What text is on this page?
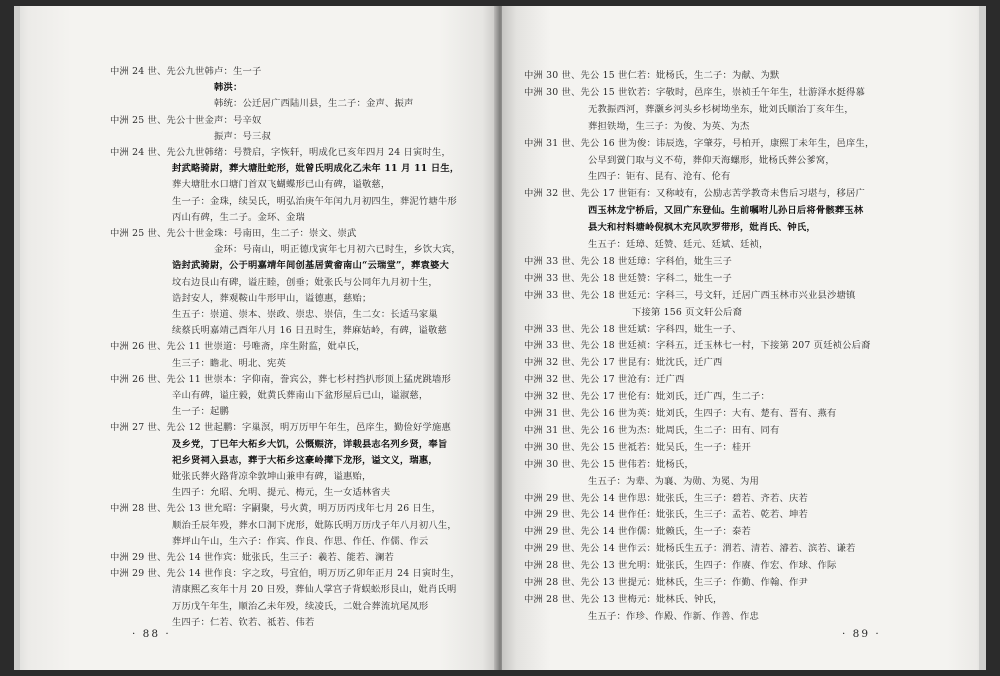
中洲 24 世、先公九世韩卢：生一子
韩洪：
韩统：公迁居广西陆川县，生二子：金声、振声
中洲 25 世、先公十世金声：号辛奴
振声：号三叔
中洲 24 世、先公九世韩绪：号赞启，字恢轩，明成化已亥年四月 24 日寅时生，
封武略骑尉，葬大塘肚蛇形，妣曾氏明成化乙未年 11 月 11 日生，
葬大塘肚水口塘门首双飞蝴蝶形已山有碑，谥敬慈，
生一子：金珠，续吴氏，明弘治庚午年闰九月初四生，葬泥竹塘牛形
丙山有碑，生二子。金环、金瑞
中洲 25 世、先公十世金珠：号南田，生二子：崇文、崇武
金环：号南山，明正德戊寅年七月初六已时生，乡饮大宾，
诰封武骑尉，公于明嘉靖年间创基居黄畲南山“云瑞堂”，葬袁婆大
坟右边艮山有碑，谥庄睦，创垂；妣张氏与公同年九月初十生，
诰封安人，葬观鞍山牛形甲山，谥德惠，慈贻；
生五子：崇道、崇本、崇政、崇忠、崇信，生二女：长适马家巢
续蔡氏明嘉靖己酉年八月 16 日丑时生，葬麻姑岭，有碑，谥敬慈
中洲 26 世、先公 11 世崇道：号唯斋，庠生附监，妣卓氏，
生三子：瞻北、明北、宪英
中洲 26 世、先公 11 世崇本：字仰南，誊宾公，葬七杉村挡扒形顶上猛虎跳墙形
辛山有碑，谥庄毅，妣黄氏葬南山下盆形屋后已山，谥淑慈，
生一子：起鹏
中洲 27 世、先公 12 世起鹏：字巢溟，明万历甲午年生，邑庠生，勤俭好学施惠
及乡党，丁巳年大柘乡大饥，公慨赈济，详载县志名列乡贤，奉旨
祀乡贤祠入县志，葬于大柘乡这豪岭撵下龙形，谥文义，瑞惠，
妣张氏葬火路背凉伞敦坤山兼申有碑，谥惠贻，
生四子：允昭、允明、提元、梅元，生一女适林省夫
中洲 28 世、先公 13 世允昭：字嗣聚，号火黄，明万历丙戌年七月 26 日生，
顺治壬辰年殁，葬水口洞下虎形，妣陈氏明万历戊子年八月初八生，
葬坪山午山，生六子：作宾、作良、作思、作任、作儒、作云
中洲 29 世、先公 14 世作宾：妣张氏，生三子：羲若、能若、澜若
中洲 29 世、先公 14 世作良：字之玫，号宜伯，明万历乙卯年正月 24 日寅时生，
清康熙乙亥年十月 20 日殁，葬仙人掌宫子背蜈蚣形艮山，妣肖氏明
万历戊午年生，顺治乙未年殁，续凌氏，二妣合葬流坑尾凤形
生四子：仁若、钦若、祗若、伟若
· 88 ·
中洲 30 世、先公 15 世仁若：妣杨氏，生二子：为献、为默
中洲 30 世、先公 15 世钦若：字敬时，邑庠生，崇祯壬午年生，壮游泽水挺得慕
无教振西河，葬灏乡河头乡杉树坳坐东，妣刘氏顺治丁亥年生，
葬担铁坳，生三子：为俊、为英、为杰
中洲 31 世、先公 16 世为俊：讳辰选，字肇芬，号柏开，康熙丁未年生，邑庠生，
公早到黉门取与义不苟，葬仰天海螺形，妣杨氏葬公爹窝，
生四子：钜有、昆有、沧有、伦有
中洲 32 世、先公 17 世钜有：又称岐有，公励志苦学教奇未售后习堪与，移居广
西玉林龙宁桥后，又回广东登仙。生前嘱咐儿孙日后将骨骸葬玉林
县大和村料塘岭倪枫木充风吹罗带形，妣肖氏、钟氏，
生五子：廷璋、廷赞、廷元、廷斌、廷祯，
中洲 33 世、先公 18 世廷璋：字科伯，妣生三子
中洲 33 世、先公 18 世廷赞：字科二，妣生一子
中洲 33 世、先公 18 世廷元：字科三，号文轩，迁居广西玉林市兴业县沙塘镇
下接第 156 页文轩公后裔
中洲 33 世、先公 18 世廷斌：字科四，妣生一子、
中洲 33 世、先公 18 世廷祯：字科五，迁玉林七一村，下接第 207 页廷祯公后裔
中洲 32 世、先公 17 世昆有：妣沈氏，迁广西
中洲 32 世、先公 17 世沧有：迁广西
中洲 32 世、先公 17 世伦有：妣刘氏，迁广西，生二子：
中洲 31 世、先公 16 世为英：妣刘氏，生四子：大有、楚有、晋有、燕有
中洲 31 世、先公 16 世为杰：妣周氏，生二子：田有、同有
中洲 30 世、先公 15 世祗若：妣吴氏，生一子：桂开
中洲 30 世、先公 15 世伟若：妣杨氏，
生五子：为辈、为襄、为勋、为冕、为用
中洲 29 世、先公 14 世作思：妣张氏，生三子：碧若、齐若、庆若
中洲 29 世、先公 14 世作任：妣张氏，生三子：孟若、乾若、坤若
中洲 29 世、先公 14 世作儒：妣赖氏，生一子：泰若
中洲 29 世、先公 14 世作云：妣杨氏生五子：渭若、清若、濬若、滨若、谦若
中洲 28 世、先公 13 世允明：妣张氏，生四子：作赓、作宏、作球、作际
中洲 28 世、先公 13 世提元：妣林氏，生三子：作勤、作翰、作尹
中洲 28 世、先公 13 世梅元：妣林氏、钟氏，
生五子：作珍、作殿、作新、作善、作忠
· 89 ·
